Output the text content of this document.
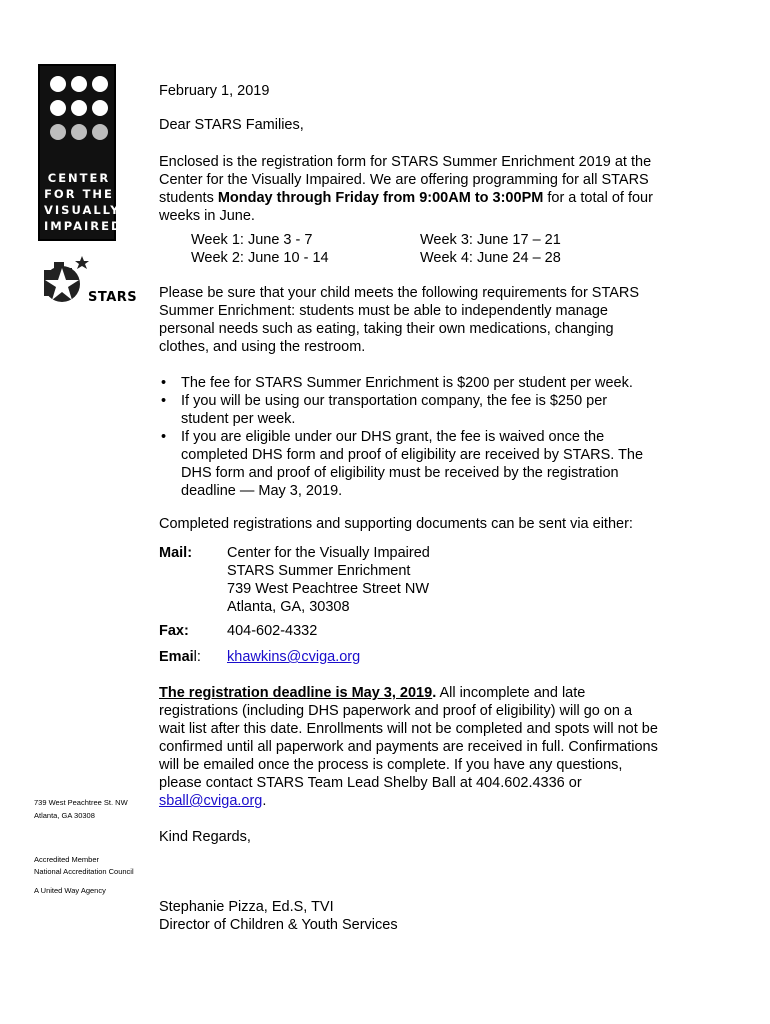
CENTER
FOR THE
VISUALLY
IMPAIRED
STARS
739 West Peachtree St. NW
Atlanta, GA 30308
Accredited Member
National Accreditation Council
A United Way Agency
February 1, 2019
Dear STARS Families,
Enclosed is the registration form for STARS Summer Enrichment 2019 at the
Center for the Visually Impaired. We are offering programming for all STARS
students Monday through Friday from 9:00AM to 3:00PM for a total of four
weeks in June.
Week 1: June 3 - 7
Week 2: June 10 - 14
Week 3: June 17 – 21
Week 4: June 24 – 28
Please be sure that your child meets the following requirements for STARS
Summer Enrichment: students must be able to independently manage
personal needs such as eating, taking their own medications, changing
clothes, and using the restroom.
• The fee for STARS Summer Enrichment is $200 per student per week.
• If you will be using our transportation company, the fee is $250 per
student per week.
• If you are eligible under our DHS grant, the fee is waived once the
completed DHS form and proof of eligibility are received by STARS. The
DHS form and proof of eligibility must be received by the registration
deadline — May 3, 2019.
Completed registrations and supporting documents can be sent via either:
Mail: Center for the Visually Impaired
STARS Summer Enrichment
739 West Peachtree Street NW
Atlanta, GA, 30308
Fax:	404-602-4332
Email: khawkins@cviga.org
The registration deadline is May 3, 2019. All incomplete and late
registrations (including DHS paperwork and proof of eligibility) will go on a
wait list after this date. Enrollments will not be completed and spots will not be
confirmed until all paperwork and payments are received in full. Confirmations
will be emailed once the process is complete. If you have any questions,
please contact STARS Team Lead Shelby Ball at 404.602.4336 or
sball@cviga.org.
Kind Regards,
Stephanie Pizza, Ed.S, TVI
Director of Children & Youth Services
